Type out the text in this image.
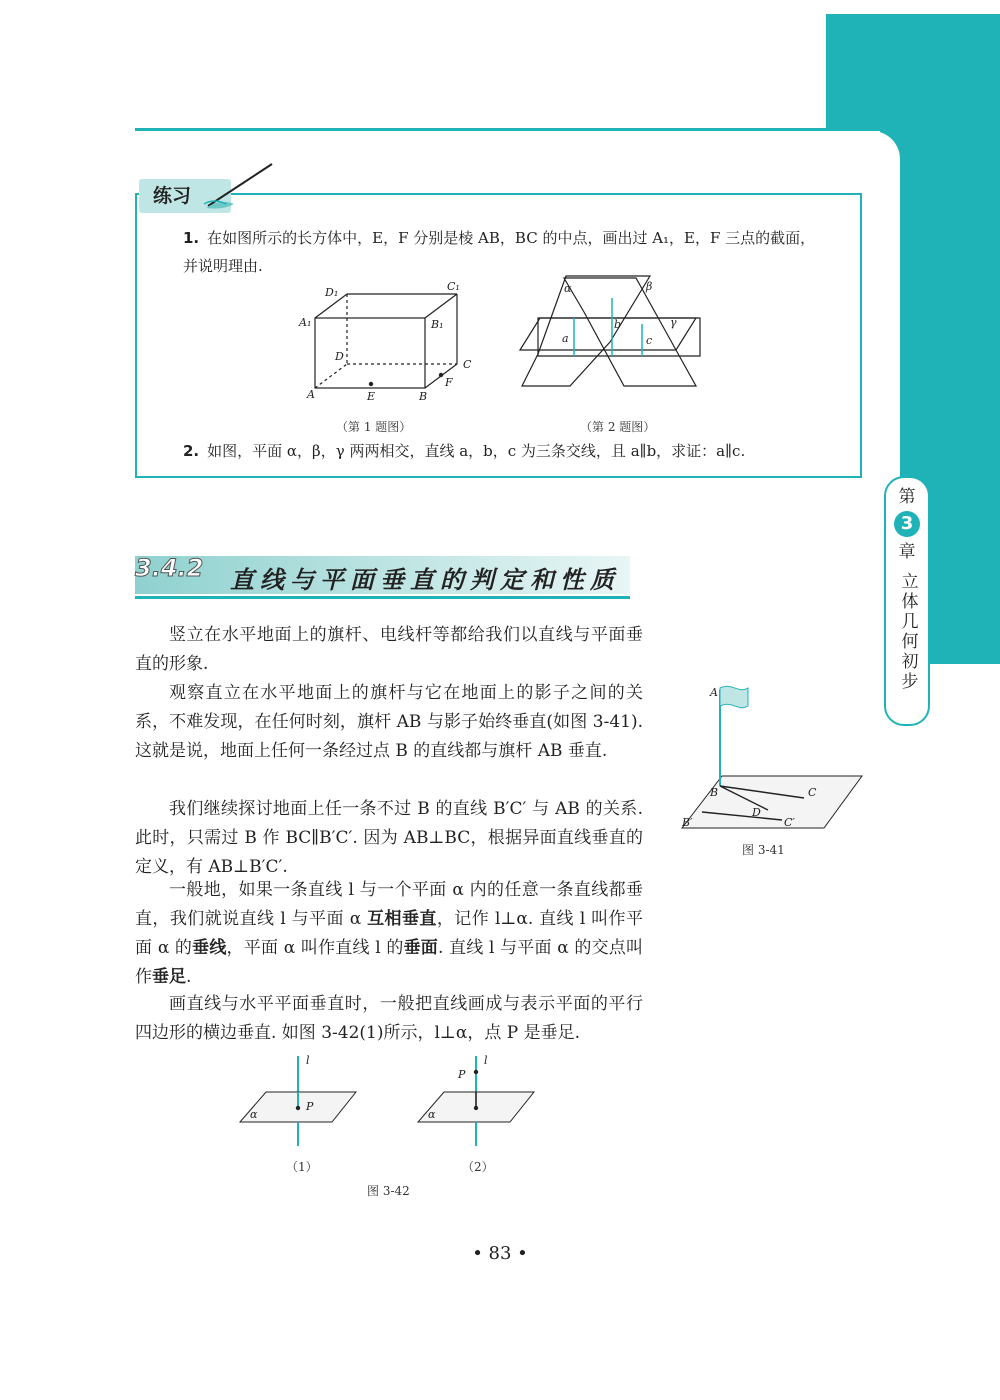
第
3
章
立体几何初步
练习
1. 在如图所示的长方体中，E，F 分别是棱 AB，BC 的中点，画出过 A₁，E，F 三点的截面，并说明理由.
D₁	C₁
A₁	B₁
D
C
A	B
E
F
α	β
γ
a
b
c
（第 1 题图）	（第 2 题图）
2. 如图，平面 α，β，γ 两两相交，直线 a，b，c 为三条交线，且 a∥b，求证：a∥c.
3.4.2 直线与平面垂直的判定和性质
竖立在水平地面上的旗杆、电线杆等都给我们以直线与平面垂直的形象.
观察直立在水平地面上的旗杆与它在地面上的影子之间的关系，不难发现，在任何时刻，旗杆 AB 与影子始终垂直(如图 3-41). 这就是说，地面上任何一条经过点 B 的直线都与旗杆 AB 垂直.
我们继续探讨地面上任一条不过 B 的直线 B′C′ 与 AB 的关系. 此时，只需过 B 作 BC∥B′C′. 因为 AB⊥BC，根据异面直线垂直的定义，有 AB⊥B′C′.
一般地，如果一条直线 l 与一个平面 α 内的任意一条直线都垂直，我们就说直线 l 与平面 α 互相垂直，记作 l⊥α. 直线 l 叫作平面 α 的垂线，平面 α 叫作直线 l 的垂面. 直线 l 与平面 α 的交点叫作垂足.
画直线与水平平面垂直时，一般把直线画成与表示平面的平行四边形的横边垂直. 如图 3-42(1)所示，l⊥α，点 P 是垂足.
A
B	C
D
B′	C′
图 3-41
l
P
α
l
P
α
（1）	（2）
图 3-42
• 83 •
